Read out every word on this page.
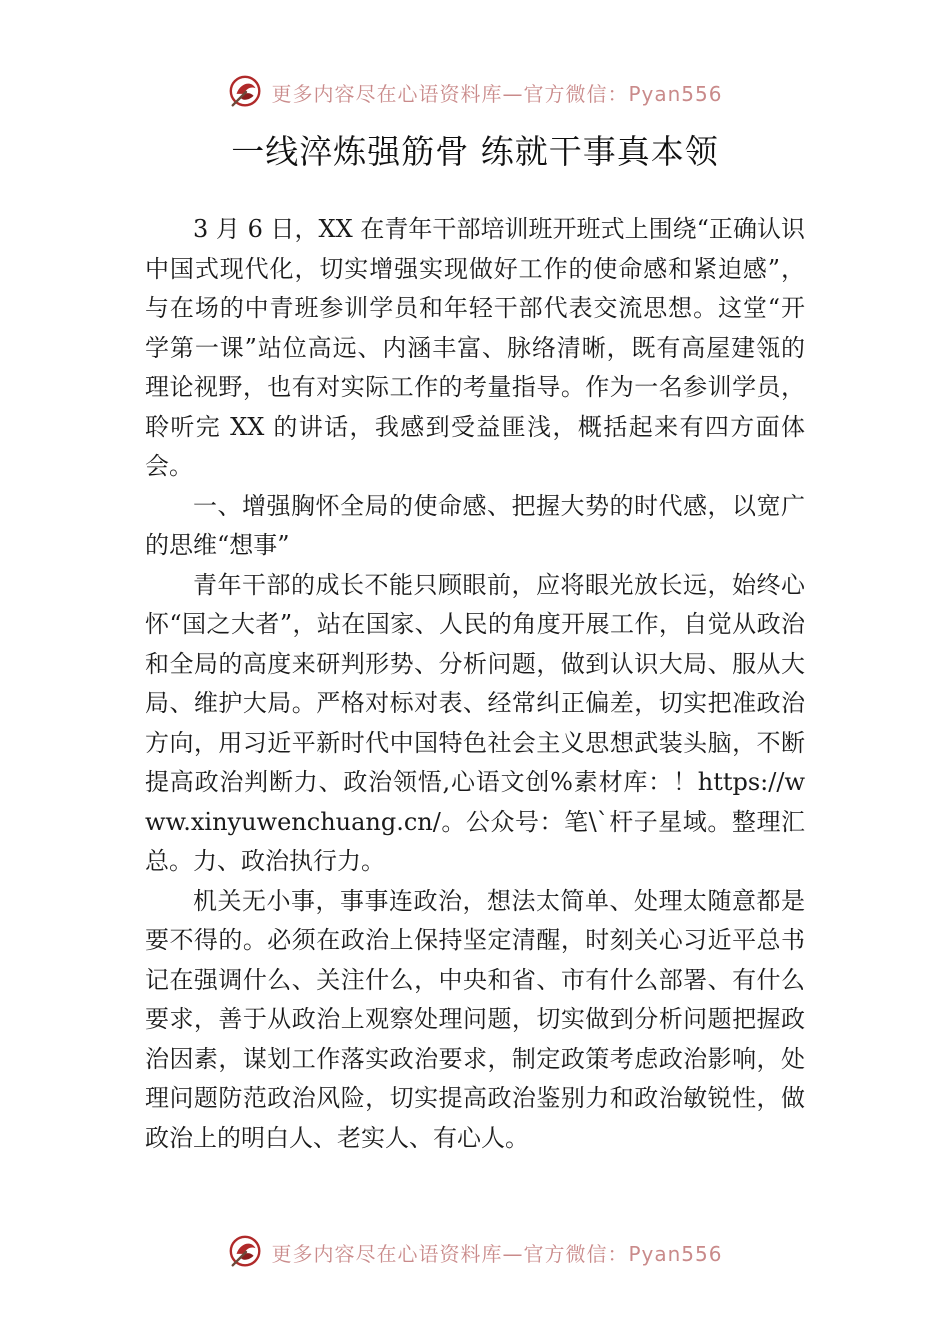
更多内容尽在心语资料库—官方微信：Pyan556
一线淬炼强筋骨 练就干事真本领

3 月 6 日，XX 在青年干部培训班开班式上围绕“正确认识中国式现代化，切实增强实现做好工作的使命感和紧迫感”，与在场的中青班参训学员和年轻干部代表交流思想。这堂“开学第一课”站位高远、内涵丰富、脉络清晰，既有高屋建瓴的理论视野，也有对实际工作的考量指导。作为一名参训学员，聆听完 XX 的讲话，我感到受益匪浅，概括起来有四方面体会。

一、增强胸怀全局的使命感、把握大势的时代感，以宽广的思维“想事”

青年干部的成长不能只顾眼前，应将眼光放长远，始终心怀“国之大者”，站在国家、人民的角度开展工作，自觉从政治和全局的高度来研判形势、分析问题，做到认识大局、服从大局、维护大局。严格对标对表、经常纠正偏差，切实把准政治方向，用习近平新时代中国特色社会主义思想武装头脑，不断提高政治判断力、政治领悟,心语文创%素材库：！https://www.xinyuwenchuang.cn/。公众号：笔\`杆子星域。整理汇总。力、政治执行力。

机关无小事，事事连政治，想法太简单、处理太随意都是要不得的。必须在政治上保持坚定清醒，时刻关心习近平总书记在强调什么、关注什么，中央和省、市有什么部署、有什么要求，善于从政治上观察处理问题，切实做到分析问题把握政治因素，谋划工作落实政治要求，制定政策考虑政治影响，处理问题防范政治风险，切实提高政治鉴别力和政治敏锐性，做政治上的明白人、老实人、有心人。

更多内容尽在心语资料库—官方微信：Pyan556
